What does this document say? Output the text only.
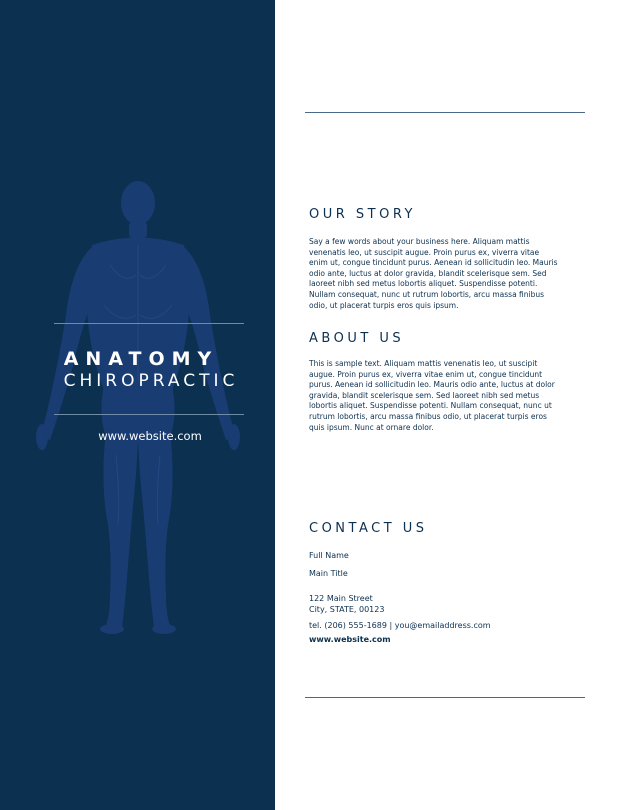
ANATOMY
CHIROPRACTIC
www.website.com
OUR STORY
Say a few words about your business here. Aliquam mattis venenatis leo, ut suscipit augue. Proin purus ex, viverra vitae enim ut, congue tincidunt purus. Aenean id sollicitudin leo. Mauris odio ante, luctus at dolor gravida, blandit scelerisque sem. Sed laoreet nibh sed metus lobortis aliquet. Suspendisse potenti. Nullam consequat, nunc ut rutrum lobortis, arcu massa finibus odio, ut placerat turpis eros quis ipsum.
ABOUT US
This is sample text. Aliquam mattis venenatis leo, ut suscipit augue. Proin purus ex, viverra vitae enim ut, congue tincidunt purus. Aenean id sollicitudin leo. Mauris odio ante, luctus at dolor gravida, blandit scelerisque sem. Sed laoreet nibh sed metus lobortis aliquet. Suspendisse potenti. Nullam consequat, nunc ut rutrum lobortis, arcu massa finibus odio, ut placerat turpis eros quis ipsum. Nunc at ornare dolor.
CONTACT US
Full Name
Main Title
122 Main Street
City, STATE, 00123
tel. (206) 555-1689 | you@emailaddress.com
www.website.com
